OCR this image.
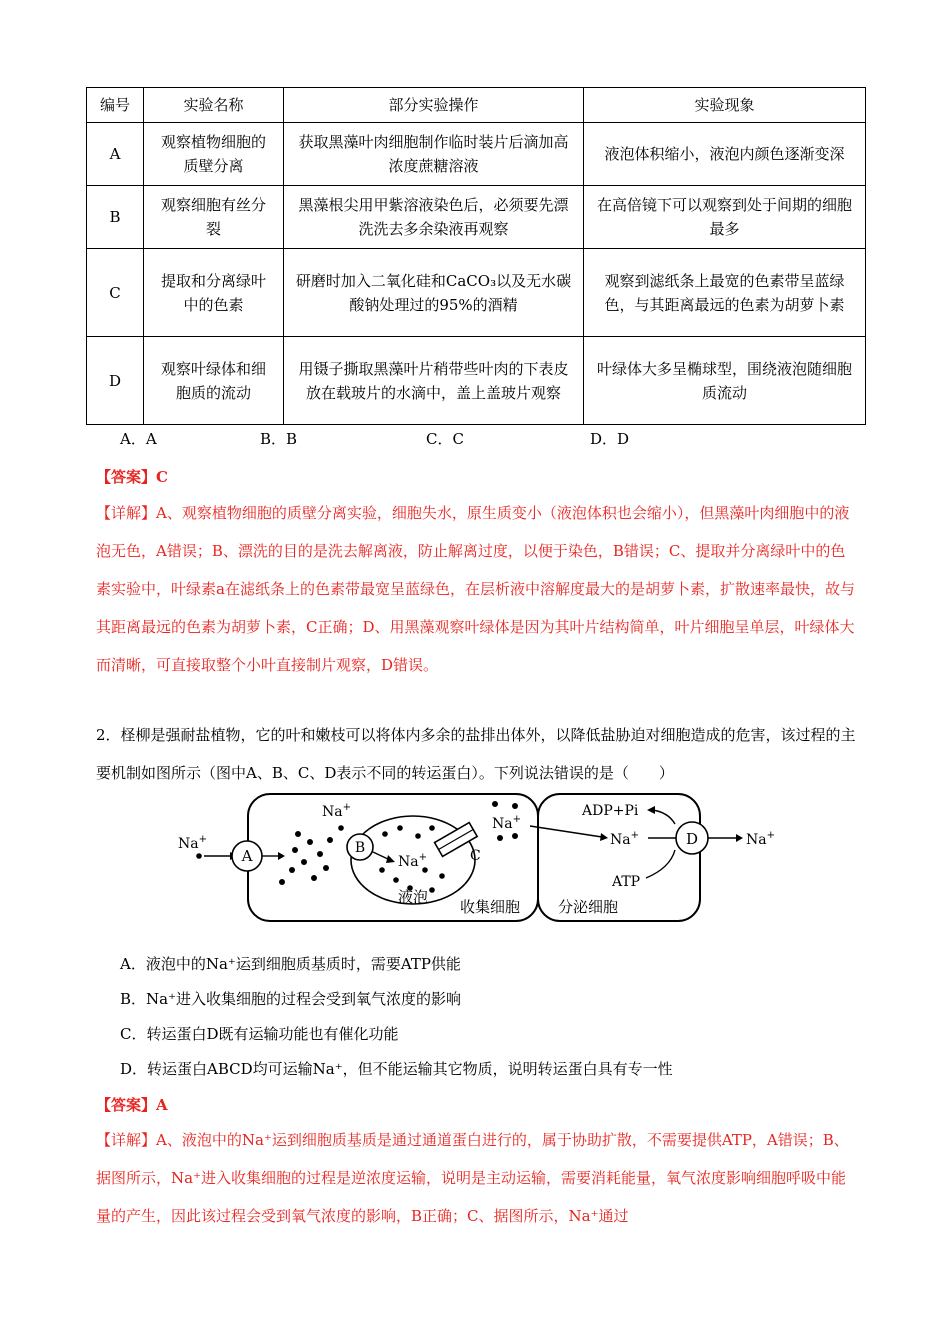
编号	实验名称	部分实验操作	实验现象
A	观察植物细胞的质壁分离	获取黑藻叶肉细胞制作临时装片后滴加高浓度蔗糖溶液	液泡体积缩小，液泡内颜色逐渐变深
B	观察细胞有丝分裂	黑藻根尖用甲紫溶液染色后，必须要先漂洗洗去多余染液再观察	在高倍镜下可以观察到处于间期的细胞最多
C	提取和分离绿叶中的色素	研磨时加入二氧化硅和CaCO₃以及无水碳酸钠处理过的95%的酒精	观察到滤纸条上最宽的色素带呈蓝绿色，与其距离最远的色素为胡萝卜素
D	观察叶绿体和细胞质的流动	用镊子撕取黑藻叶片稍带些叶肉的下表皮放在载玻片的水滴中，盖上盖玻片观察	叶绿体大多呈椭球型，围绕液泡随细胞质流动
A．A	B．B	C．C	D．D
【答案】C
【详解】A、观察植物细胞的质壁分离实验，细胞失水，原生质变小（液泡体积也会缩小），但黑藻叶肉细胞中的液泡无色，A错误；B、漂洗的目的是洗去解离液，防止解离过度，以便于染色，B错误；C、提取并分离绿叶中的色素实验中，叶绿素a在滤纸条上的色素带最宽呈蓝绿色，在层析液中溶解度最大的是胡萝卜素，扩散速率最快，故与其距离最远的色素为胡萝卜素，C正确；D、用黑藻观察叶绿体是因为其叶片结构简单，叶片细胞呈单层，叶绿体大而清晰，可直接取整个小叶直接制片观察，D错误。
2．柽柳是强耐盐植物，它的叶和嫩枝可以将体内多余的盐排出体外，以降低盐胁迫对细胞造成的危害，该过程的主要机制如图所示（图中A、B、C、D表示不同的转运蛋白）。下列说法错误的是（　　）
Na+
A
Na+
B
Na+
液泡
C
Na+
ADP+Pi
Na+	D
ATP
Na+
收集细胞	分泌细胞
A．液泡中的Na⁺运到细胞质基质时，需要ATP供能
B．Na⁺进入收集细胞的过程会受到氧气浓度的影响
C．转运蛋白D既有运输功能也有催化功能
D．转运蛋白ABCD均可运输Na⁺，但不能运输其它物质，说明转运蛋白具有专一性
【答案】A
【详解】A、液泡中的Na⁺运到细胞质基质是通过通道蛋白进行的，属于协助扩散，不需要提供ATP，A错误；B、据图所示，Na⁺进入收集细胞的过程是逆浓度运输，说明是主动运输，需要消耗能量，氧气浓度影响细胞呼吸中能量的产生，因此该过程会受到氧气浓度的影响，B正确；C、据图所示，Na⁺通过
